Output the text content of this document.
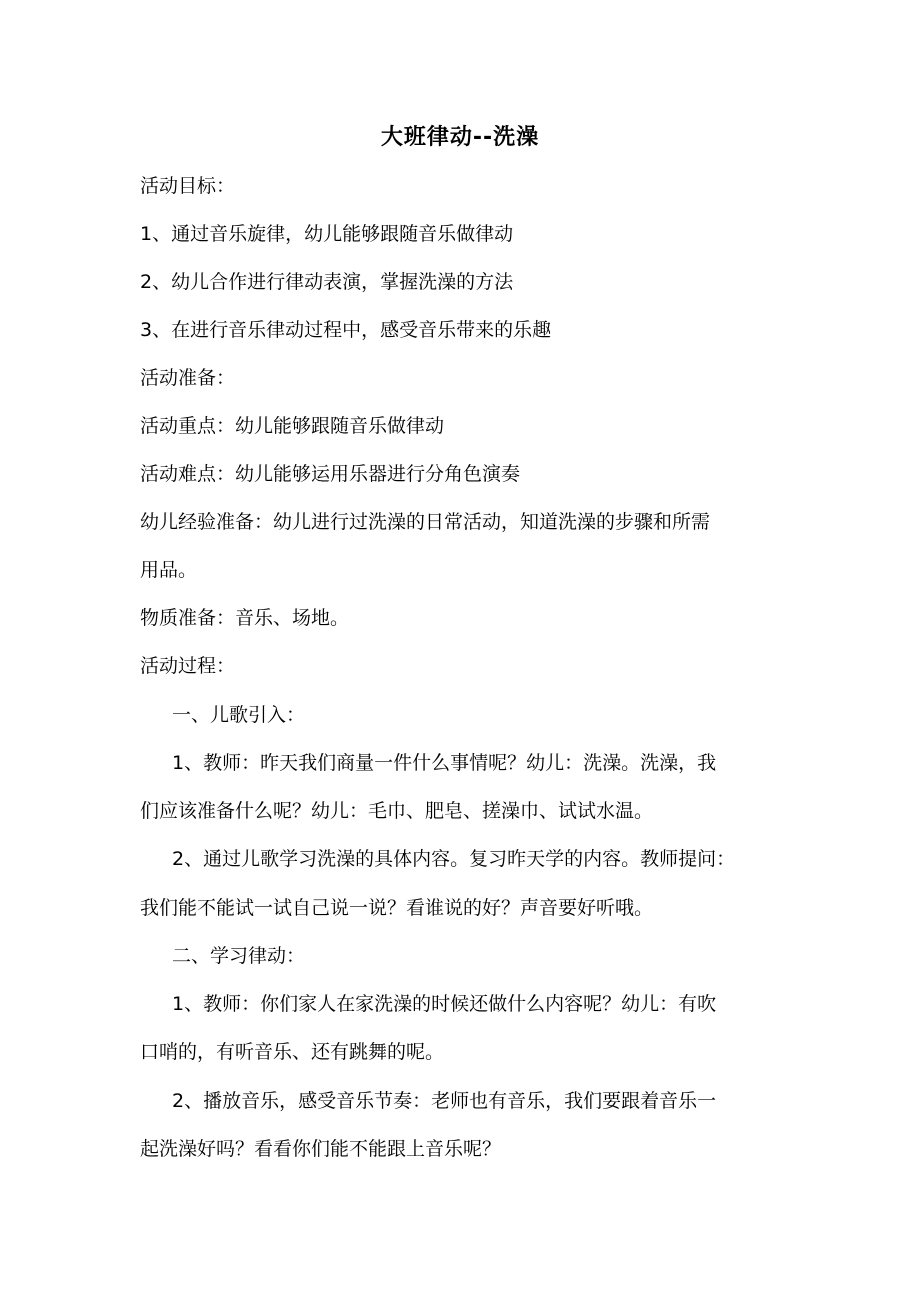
大班律动--洗澡
活动目标：
1、通过音乐旋律，幼儿能够跟随音乐做律动
2、幼儿合作进行律动表演，掌握洗澡的方法
3、在进行音乐律动过程中，感受音乐带来的乐趣
活动准备：
活动重点：幼儿能够跟随音乐做律动
活动难点：幼儿能够运用乐器进行分角色演奏
幼儿经验准备：幼儿进行过洗澡的日常活动，知道洗澡的步骤和所需
用品。
物质准备：音乐、场地。
活动过程：
一、儿歌引入：
1、教师：昨天我们商量一件什么事情呢？幼儿：洗澡。洗澡，我
们应该准备什么呢？幼儿：毛巾、肥皂、搓澡巾、试试水温。
2、通过儿歌学习洗澡的具体内容。复习昨天学的内容。教师提问：
我们能不能试一试自己说一说？看谁说的好？声音要好听哦。
二、学习律动：
1、教师：你们家人在家洗澡的时候还做什么内容呢？幼儿：有吹
口哨的，有听音乐、还有跳舞的呢。
2、播放音乐，感受音乐节奏：老师也有音乐，我们要跟着音乐一
起洗澡好吗？看看你们能不能跟上音乐呢？
